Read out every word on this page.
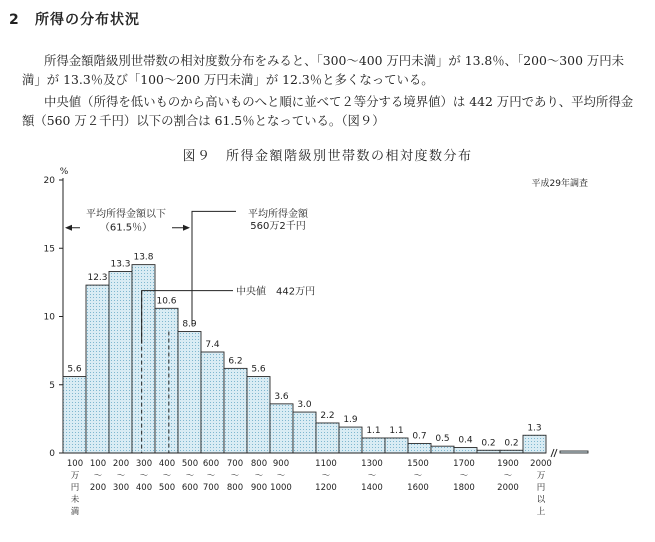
2 所得の分布状況

所得金額階級別世帯数の相対度数分布をみると、「300～400 万円未満」が 13.8％、「200～300 万円未満」が 13.3％及び「100～200 万円未満」が 12.3％と多くなっている。

中央値（所得を低いものから高いものへと順に並べて２等分する境界値）は 442 万円であり、平均所得金額（560 万２千円）以下の割合は 61.5％となっている。（図９）

図９　所得金額階級別世帯数の相対度数分布
0
5
10
15
20
%
平成29年調査
5.6
12.3
13.3
13.8
10.6
8.9
7.4
6.2
5.6
3.6
3.0
2.2 1.9
1.1 1.1
0.7 0.5 0.4 0.2 0.2
1.3
100
万
円
未
満
100
～
200
200
～
300
300
～
400
400
～
500
500
～
600
600
～
700
700
～
800
800
～
900
900
～
1000
1100
～
1200
1300
～
1400
1500
～
1600
1700
～
1800
1900
～
2000
2000
万
円
以
上
中央値　442万円
平均所得金額
560万2千円
平均所得金額以下
（61.5％）
